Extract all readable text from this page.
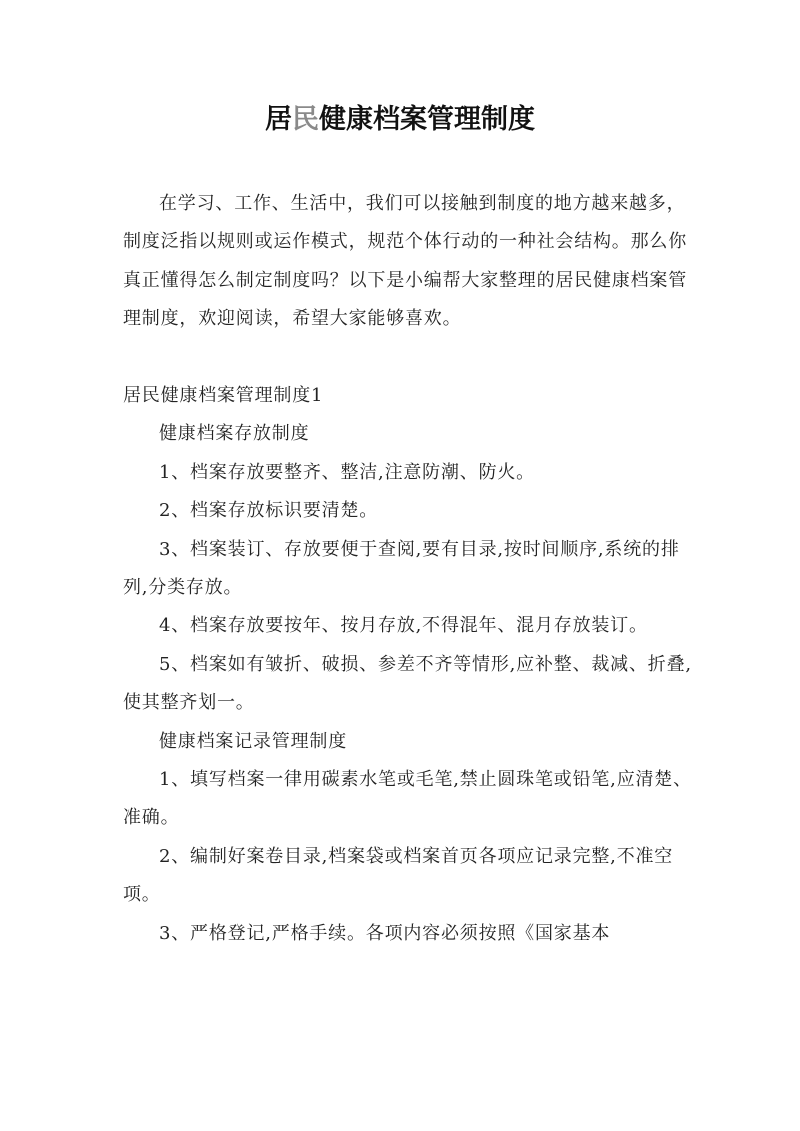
居民健康档案管理制度

在学习、工作、生活中，我们可以接触到制度的地方越来越多，制度泛指以规则或运作模式，规范个体行动的一种社会结构。那么你真正懂得怎么制定制度吗？以下是小编帮大家整理的居民健康档案管理制度，欢迎阅读，希望大家能够喜欢。

居民健康档案管理制度1

健康档案存放制度

1、档案存放要整齐、整洁,注意防潮、防火。

2、档案存放标识要清楚。

3、档案装订、存放要便于查阅,要有目录,按时间顺序,系统的排列,分类存放。

4、档案存放要按年、按月存放,不得混年、混月存放装订。

5、档案如有皱折、破损、参差不齐等情形,应补整、裁减、折叠,使其整齐划一。

健康档案记录管理制度

1、填写档案一律用碳素水笔或毛笔,禁止圆珠笔或铅笔,应清楚、准确。

2、编制好案卷目录,档案袋或档案首页各项应记录完整,不准空项。

3、严格登记,严格手续。各项内容必须按照《国家基本
